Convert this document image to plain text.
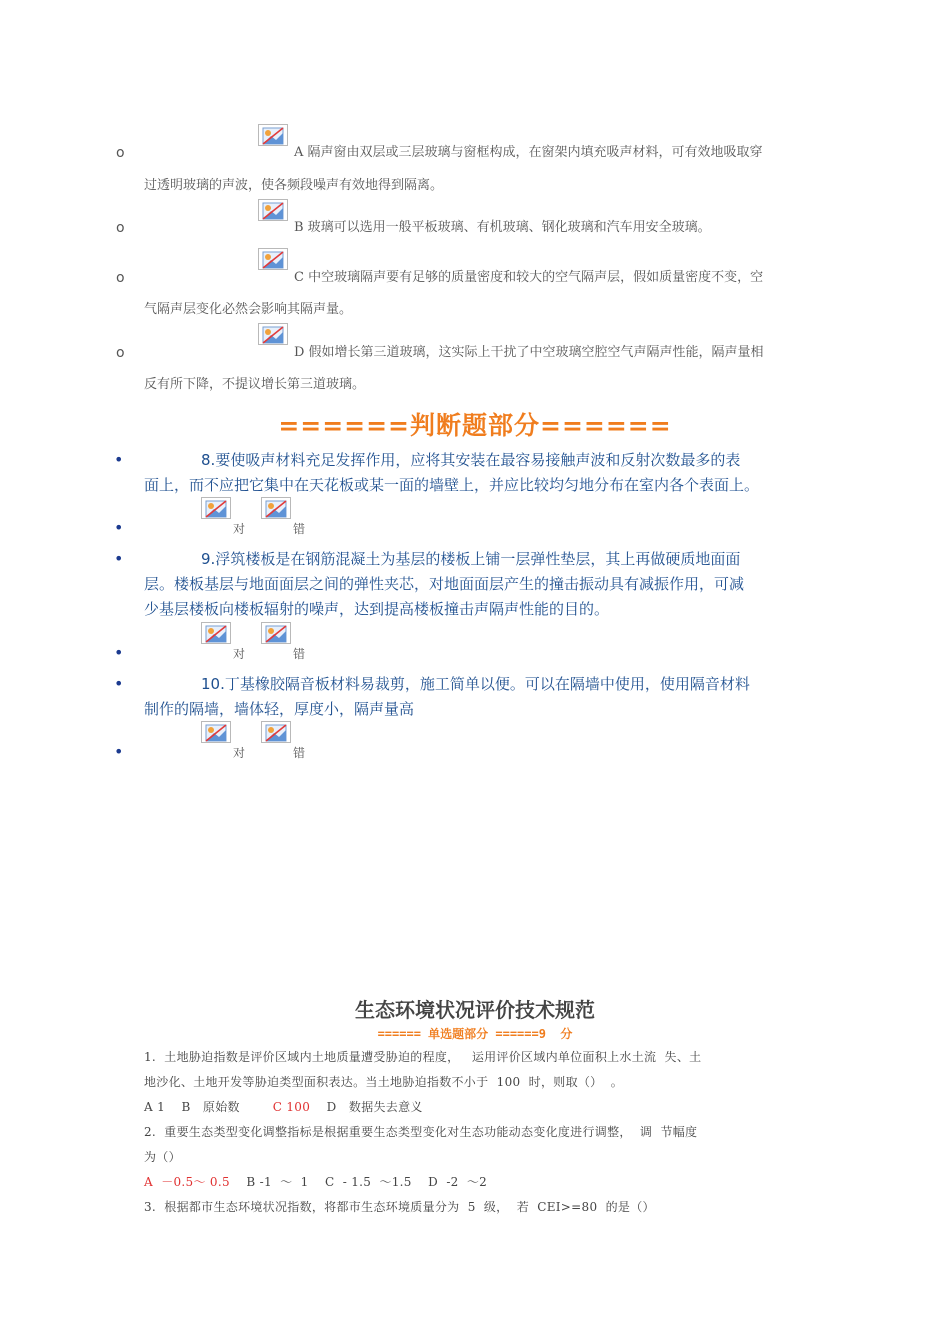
o	A 隔声窗由双层或三层玻璃与窗框构成，在窗架内填充吸声材料，可有效地吸取穿
过透明玻璃的声波，使各频段噪声有效地得到隔离。
o	B 玻璃可以选用一般平板玻璃、有机玻璃、钢化玻璃和汽车用安全玻璃。
o	C 中空玻璃隔声要有足够的质量密度和较大的空气隔声层，假如质量密度不变，空
气隔声层变化必然会影响其隔声量。
o	D 假如增长第三道玻璃，这实际上干扰了中空玻璃空腔空气声隔声性能，隔声量相
反有所下降，不提议增长第三道玻璃。
======判断题部分======
•	8.要使吸声材料充足发挥作用，应将其安装在最容易接触声波和反射次数最多的表
面上，而不应把它集中在天花板或某一面的墙壁上，并应比较均匀地分布在室内各个表面上。
•	对	错
•	9.浮筑楼板是在钢筋混凝土为基层的楼板上铺一层弹性垫层，其上再做硬质地面面
层。楼板基层与地面面层之间的弹性夹芯，对地面面层产生的撞击振动具有减振作用，可减
少基层楼板向楼板辐射的噪声，达到提高楼板撞击声隔声性能的目的。
•	对	错
•	10.丁基橡胶隔音板材料易裁剪，施工简单以便。可以在隔墙中使用，使用隔音材料
制作的隔墙，墙体轻，厚度小，隔声量高
•	对	错
生态环境状况评价技术规范
====== 单选题部分 ======9  分
1.  土地胁迫指数是评价区域内土地质量遭受胁迫的程度，   运用评价区域内单位面积上水土流  失、土
地沙化、土地开发等胁迫类型面积表达。当土地胁迫指数不小于  100  时，则取（）  。
A 1    B   原始数	C 100 D   数据失去意义
2.  重要生态类型变化调整指标是根据重要生态类型变化对生态功能动态变化度进行调整，  调  节幅度
为（）
A  －0.5～ 0.5 B -1  ～  1    C  - 1.5  ～1.5    D  -2  ～2
3.  根据都市生态环境状况指数，将都市生态环境质量分为  5  级，  若  CEI>=80  的是（）
